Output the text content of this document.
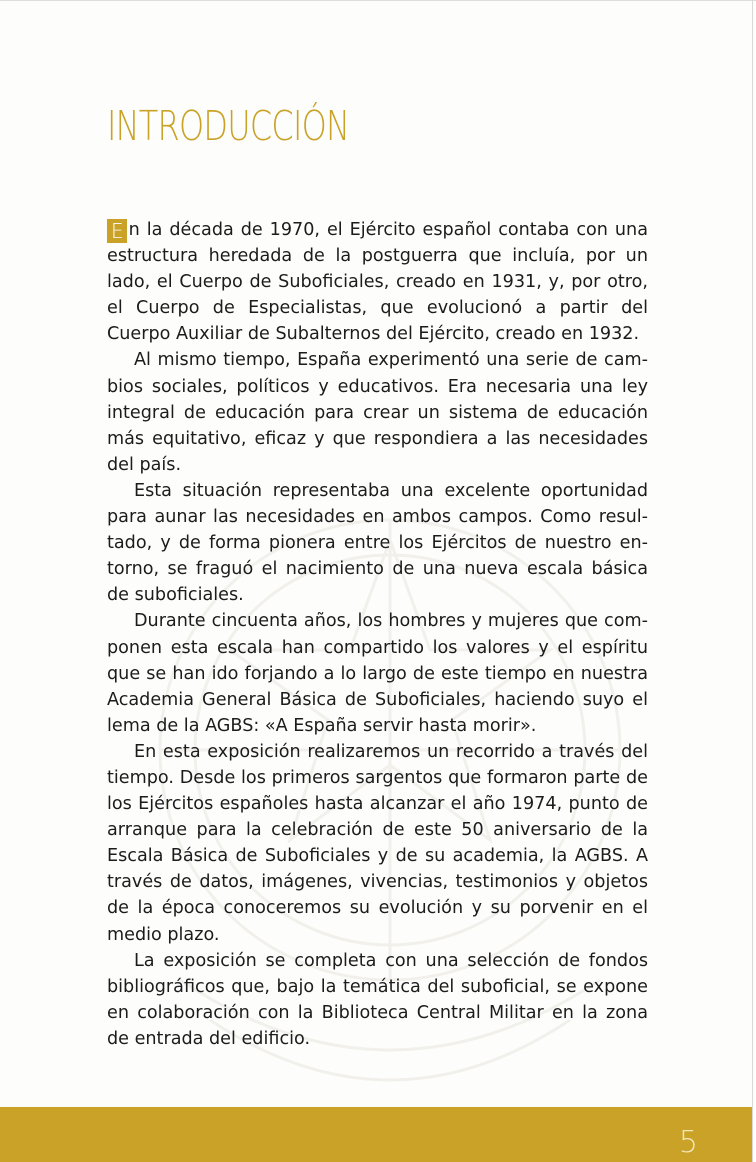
INTRODUCCIÓN

E n la década de 1970, el Ejército español contaba con una estructura heredada de la postguerra que incluía, por un lado, el Cuerpo de Suboficiales, creado en 1931, y, por otro, el Cuerpo de Especialistas, que evolucionó a partir del Cuerpo Auxiliar de Subalternos del Ejército, creado en 1932.

Al mismo tiempo, España experimentó una serie de cambios sociales, políticos y educativos. Era necesaria una ley integral de educación para crear un sistema de educación más equitativo, eficaz y que respondiera a las necesidades del país.

Esta situación representaba una excelente oportunidad para aunar las necesidades en ambos campos. Como resultado, y de forma pionera entre los Ejércitos de nuestro entorno, se fraguó el nacimiento de una nueva escala básica de suboficiales.

Durante cincuenta años, los hombres y mujeres que componen esta escala han compartido los valores y el espíritu que se han ido forjando a lo largo de este tiempo en nuestra Academia General Básica de Suboficiales, haciendo suyo el lema de la AGBS: «A España servir hasta morir».

En esta exposición realizaremos un recorrido a través del tiempo. Desde los primeros sargentos que formaron parte de los Ejércitos españoles hasta alcanzar el año 1974, punto de arranque para la celebración de este 50 aniversario de la Escala Básica de Suboficiales y de su academia, la AGBS. A través de datos, imágenes, vivencias, testimonios y objetos de la época conoceremos su evolución y su porvenir en el medio plazo.

La exposición se completa con una selección de fondos bibliográficos que, bajo la temática del suboficial, se expone en colaboración con la Biblioteca Central Militar en la zona de entrada del edificio.

5
